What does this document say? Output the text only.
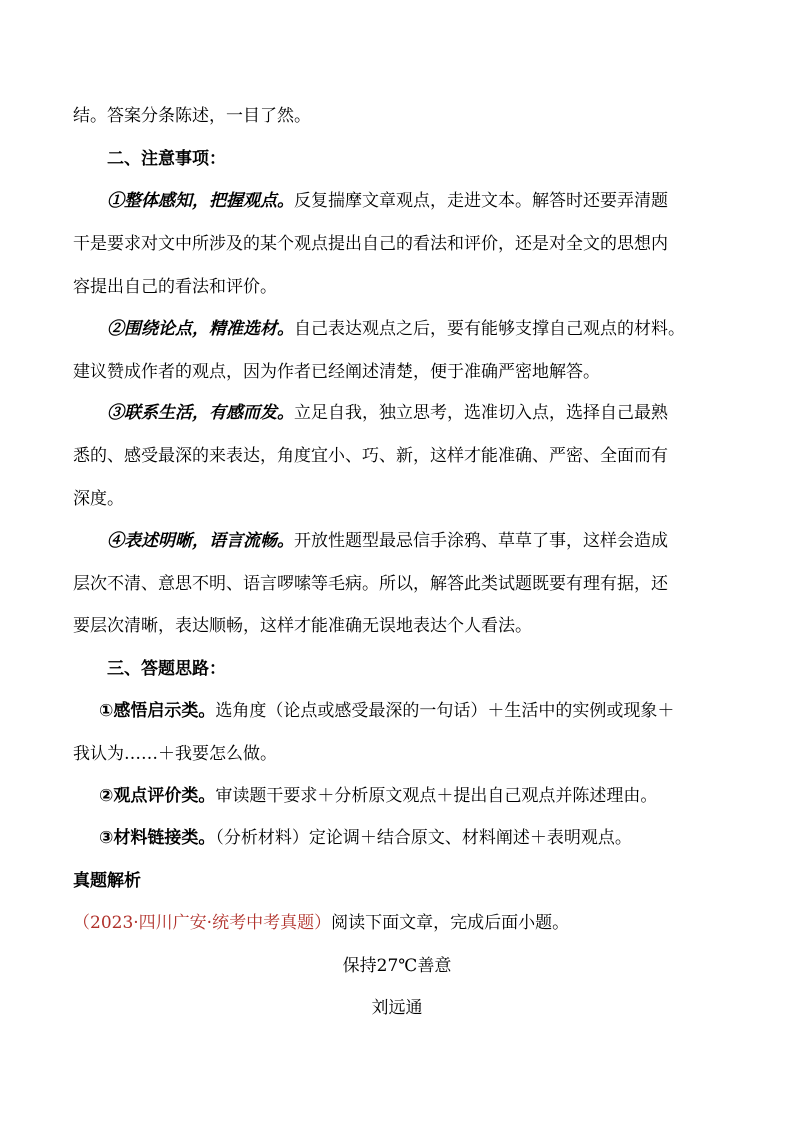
结。答案分条陈述，一目了然。
二、注意事项：
①整体感知，把握观点。反复揣摩文章观点，走进文本。解答时还要弄清题
干是要求对文中所涉及的某个观点提出自己的看法和评价，还是对全文的思想内
容提出自己的看法和评价。
②围绕论点，精准选材。自己表达观点之后，要有能够支撑自己观点的材料。
建议赞成作者的观点，因为作者已经阐述清楚，便于准确严密地解答。
③联系生活，有感而发。立足自我，独立思考，选准切入点，选择自己最熟
悉的、感受最深的来表达，角度宜小、巧、新，这样才能准确、严密、全面而有
深度。
④表述明晰，语言流畅。开放性题型最忌信手涂鸦、草草了事，这样会造成
层次不清、意思不明、语言啰嗦等毛病。所以，解答此类试题既要有理有据，还
要层次清晰，表达顺畅，这样才能准确无误地表达个人看法。
三、答题思路：
①感悟启示类。选角度（论点或感受最深的一句话）＋生活中的实例或现象＋
我认为……＋我要怎么做。
②观点评价类。审读题干要求＋分析原文观点＋提出自己观点并陈述理由。
③材料链接类。（分析材料）定论调＋结合原文、材料阐述＋表明观点。
真题解析
（2023·四川广安·统考中考真题）阅读下面文章，完成后面小题。
保持27℃善意
刘远通
